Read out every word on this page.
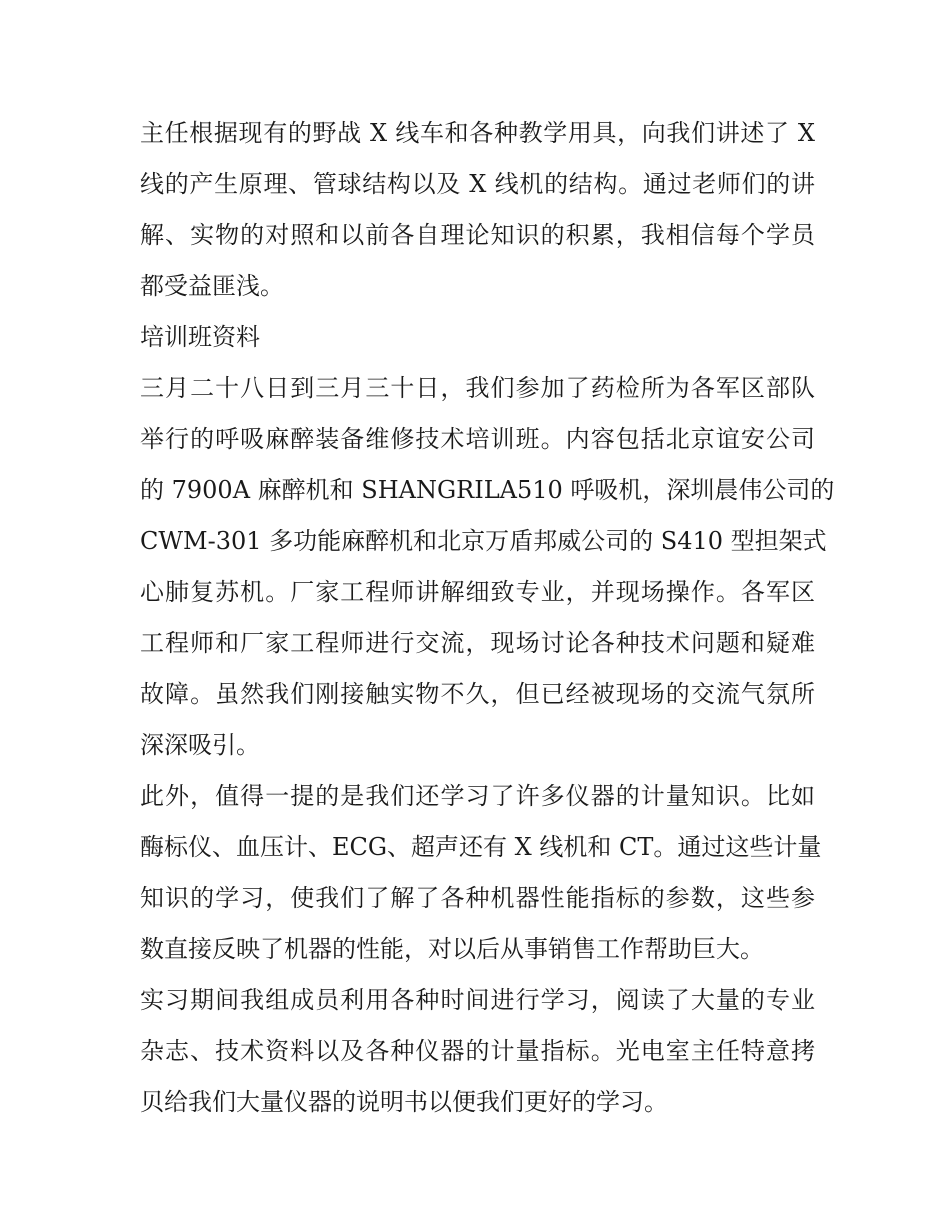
主任根据现有的野战 X 线车和各种教学用具，向我们讲述了 X
线的产生原理、管球结构以及 X 线机的结构。通过老师们的讲
解、实物的对照和以前各自理论知识的积累，我相信每个学员
都受益匪浅。
培训班资料
三月二十八日到三月三十日，我们参加了药检所为各军区部队
举行的呼吸麻醉装备维修技术培训班。内容包括北京谊安公司
的 7900A 麻醉机和 SHANGRILA510 呼吸机，深圳晨伟公司的
CWM-301 多功能麻醉机和北京万盾邦威公司的 S410 型担架式
心肺复苏机。厂家工程师讲解细致专业，并现场操作。各军区
工程师和厂家工程师进行交流，现场讨论各种技术问题和疑难
故障。虽然我们刚接触实物不久，但已经被现场的交流气氛所
深深吸引。
此外，值得一提的是我们还学习了许多仪器的计量知识。比如
酶标仪、血压计、ECG、超声还有 X 线机和 CT。通过这些计量
知识的学习，使我们了解了各种机器性能指标的参数，这些参
数直接反映了机器的性能，对以后从事销售工作帮助巨大。
实习期间我组成员利用各种时间进行学习，阅读了大量的专业
杂志、技术资料以及各种仪器的计量指标。光电室主任特意拷
贝给我们大量仪器的说明书以便我们更好的学习。
